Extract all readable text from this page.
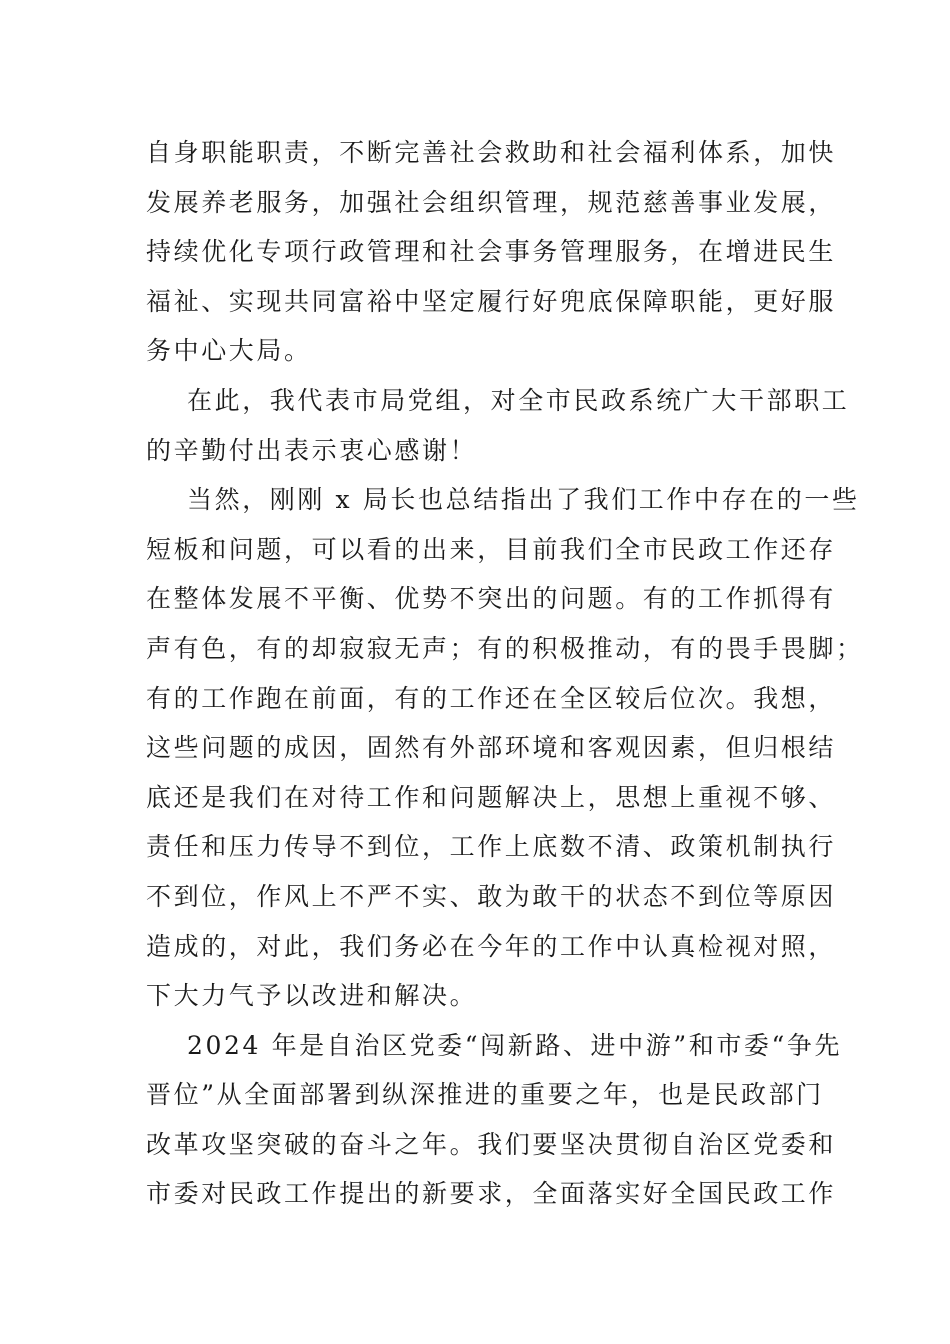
自身职能职责，不断完善社会救助和社会福利体系，加快
发展养老服务，加强社会组织管理，规范慈善事业发展，
持续优化专项行政管理和社会事务管理服务，在增进民生
福祉、实现共同富裕中坚定履行好兜底保障职能，更好服
务中心大局。
在此，我代表市局党组，对全市民政系统广大干部职工
的辛勤付出表示衷心感谢！
当然，刚刚 x 局长也总结指出了我们工作中存在的一些
短板和问题，可以看的出来，目前我们全市民政工作还存
在整体发展不平衡、优势不突出的问题。有的工作抓得有
声有色，有的却寂寂无声；有的积极推动，有的畏手畏脚；
有的工作跑在前面，有的工作还在全区较后位次。我想，
这些问题的成因，固然有外部环境和客观因素，但归根结
底还是我们在对待工作和问题解决上，思想上重视不够、
责任和压力传导不到位，工作上底数不清、政策机制执行
不到位，作风上不严不实、敢为敢干的状态不到位等原因
造成的，对此，我们务必在今年的工作中认真检视对照，
下大力气予以改进和解决。
2024 年是自治区党委“闯新路、进中游”和市委“争先
晋位”从全面部署到纵深推进的重要之年，也是民政部门
改革攻坚突破的奋斗之年。我们要坚决贯彻自治区党委和
市委对民政工作提出的新要求，全面落实好全国民政工作
